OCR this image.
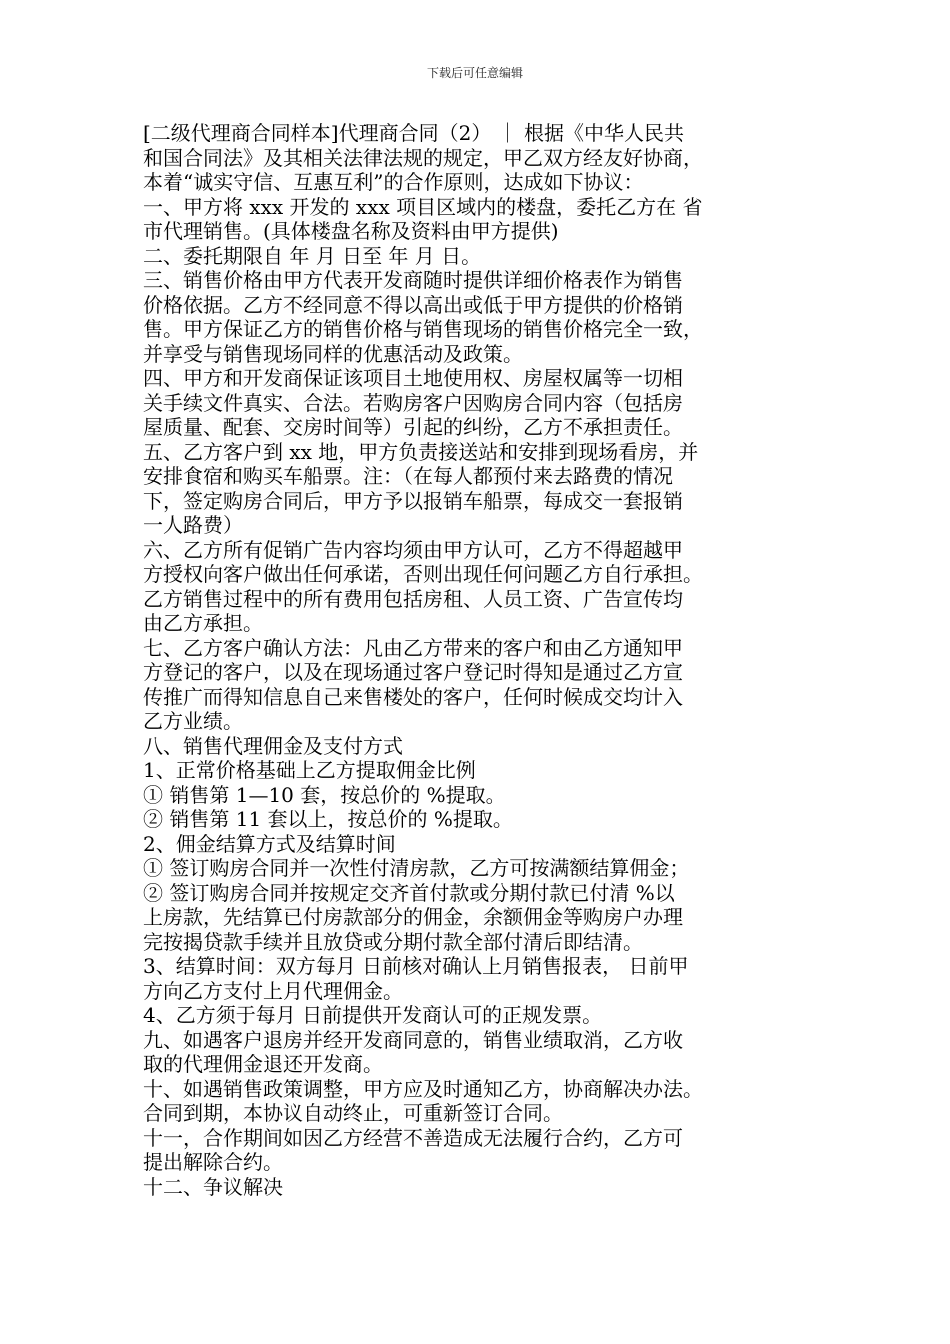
下载后可任意编辑
[二级代理商合同样本]代理商合同（2） ｜ 根据《中华人民共
和国合同法》及其相关法律法规的规定，甲乙双方经友好协商，
本着“诚实守信、互惠互利”的合作原则，达成如下协议：
一、甲方将 xxx 开发的 xxx 项目区域内的楼盘，委托乙方在 省
市代理销售。(具体楼盘名称及资料由甲方提供)
二、委托期限自 年 月 日至 年 月 日。
三、销售价格由甲方代表开发商随时提供详细价格表作为销售
价格依据。乙方不经同意不得以高出或低于甲方提供的价格销
售。甲方保证乙方的销售价格与销售现场的销售价格完全一致，
并享受与销售现场同样的优惠活动及政策。
四、甲方和开发商保证该项目土地使用权、房屋权属等一切相
关手续文件真实、合法。若购房客户因购房合同内容（包括房
屋质量、配套、交房时间等）引起的纠纷，乙方不承担责任。
五、乙方客户到 xx 地，甲方负责接送站和安排到现场看房，并
安排食宿和购买车船票。注：（在每人都预付来去路费的情况
下，签定购房合同后，甲方予以报销车船票，每成交一套报销
一人路费）
六、乙方所有促销广告内容均须由甲方认可，乙方不得超越甲
方授权向客户做出任何承诺，否则出现任何问题乙方自行承担。
乙方销售过程中的所有费用包括房租、人员工资、广告宣传均
由乙方承担。
七、乙方客户确认方法：凡由乙方带来的客户和由乙方通知甲
方登记的客户，以及在现场通过客户登记时得知是通过乙方宣
传推广而得知信息自己来售楼处的客户，任何时候成交均计入
乙方业绩。
八、销售代理佣金及支付方式
1、正常价格基础上乙方提取佣金比例
① 销售第 1—10 套，按总价的 %提取。
② 销售第 11 套以上，按总价的 %提取。
2、佣金结算方式及结算时间
① 签订购房合同并一次性付清房款，乙方可按满额结算佣金；
② 签订购房合同并按规定交齐首付款或分期付款已付清 %以
上房款，先结算已付房款部分的佣金，余额佣金等购房户办理
完按揭贷款手续并且放贷或分期付款全部付清后即结清。
3、结算时间：双方每月 日前核对确认上月销售报表， 日前甲
方向乙方支付上月代理佣金。
4、乙方须于每月 日前提供开发商认可的正规发票。
九、如遇客户退房并经开发商同意的，销售业绩取消，乙方收
取的代理佣金退还开发商。
十、如遇销售政策调整，甲方应及时通知乙方，协商解决办法。
合同到期，本协议自动终止，可重新签订合同。
十一，合作期间如因乙方经营不善造成无法履行合约，乙方可
提出解除合约。
十二、争议解决
